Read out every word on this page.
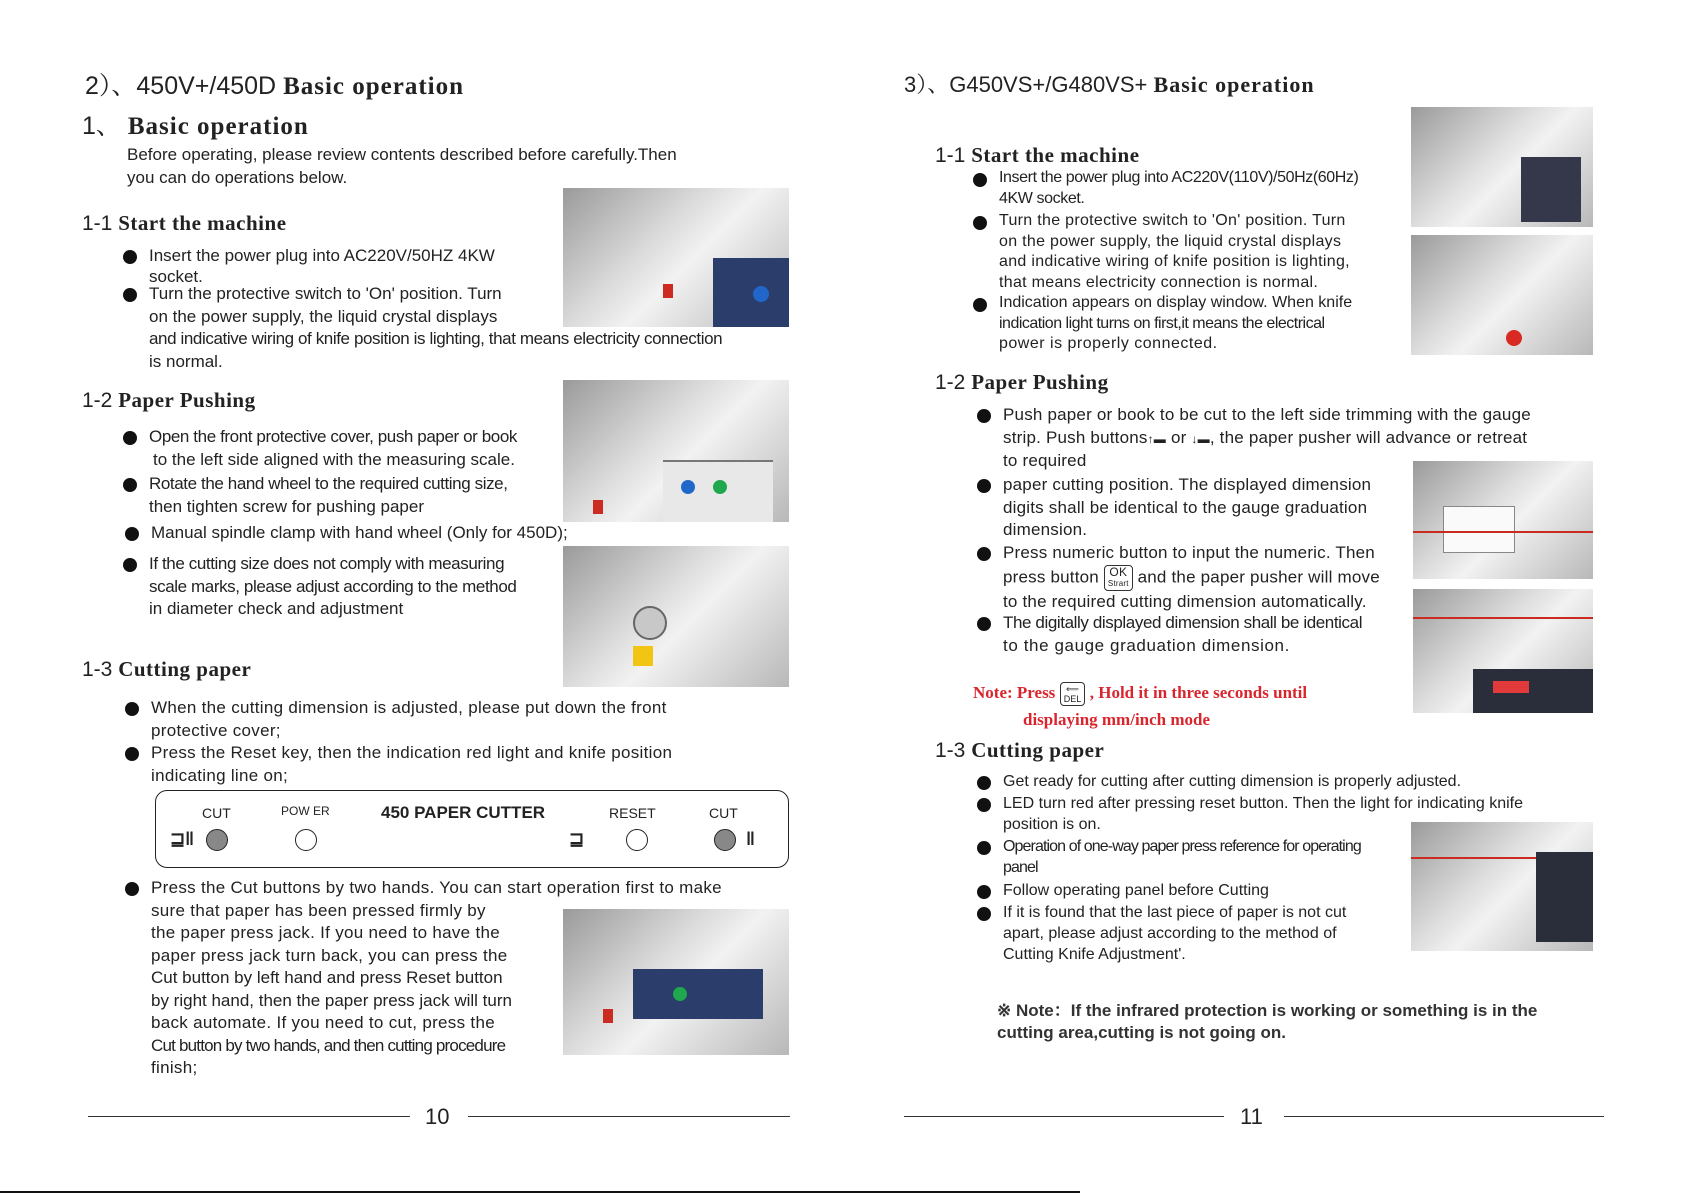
2）、450V+/450D Basic operation
1、 Basic operation
Before operating, please review contents described before carefully.Then
you can do operations below.
1-1 Start the machine
Insert the power plug into AC220V/50HZ 4KW
socket.
Turn the protective switch to 'On' position. Turn
on the power supply, the liquid crystal displays
and indicative wiring of knife position is lighting, that means electricity connection
is normal.
1-2 Paper Pushing
Open the front protective cover, push paper or book
to the left side aligned with the measuring scale.
Rotate the hand wheel to the required cutting size,
then tighten screw for pushing paper
Manual spindle clamp with hand wheel (Only for 450D);
If the cutting size does not comply with measuring
scale marks, please adjust according to the method
in diameter check and adjustment
1-3 Cutting paper
When the cutting dimension is adjusted, please put down the front
protective cover;
Press the Reset key, then the indication red light and knife position
indicating line on;
CUT	POW ER	450 PAPER CUTTER	RESET	CUT
⊒‖	⊒	‖
Press the Cut buttons by two hands. You can start operation first to make
sure that paper has been pressed firmly by
the paper press jack. If you need to have the
paper press jack turn back, you can press the
Cut button by left hand and press Reset button
by right hand, then the paper press jack will turn
back automate. If you need to cut, press the
Cut button by two hands, and then cutting procedure
finish;
10
3）、G450VS+/G480VS+ Basic operation
1-1 Start the machine
Insert the power plug into AC220V(110V)/50Hz(60Hz)
4KW socket.
Turn the protective switch to 'On' position. Turn
on the power supply, the liquid crystal displays
and indicative wiring of knife position is lighting,
that means electricity connection is normal.
Indication appears on display window. When knife
indication light turns on first,it means the electrical
power is properly connected.
1-2 Paper Pushing
Push paper or book to be cut to the left side trimming with the gauge
strip. Push buttons↑▬ or ↓▬, the paper pusher will advance or retreat
to required
paper cutting position. The displayed dimension
digits shall be identical to the gauge graduation
dimension.
Press numeric button to input the numeric. Then
press button OK
Strart and the paper pusher will move
to the required cutting dimension automatically.
The digitally displayed dimension shall be identical
to the gauge graduation dimension.
Note: Press ⟸
DEL , Hold it in three seconds until
displaying mm/inch mode
1-3 Cutting paper
Get ready for cutting after cutting dimension is properly adjusted.
LED turn red after pressing reset button. Then the light for indicating knife
position is on.
Operation of one-way paper press reference for operating
panel
Follow operating panel before Cutting
If it is found that the last piece of paper is not cut
apart, please adjust according to the method of
Cutting Knife Adjustment'.
※ Note：If the infrared protection is working or something is in the
cutting area,cutting is not going on.
11
